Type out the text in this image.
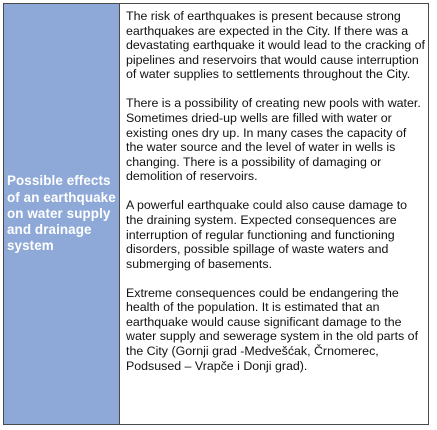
Possible effects of an earthquake on water supply and drainage system

The risk of earthquakes is present because strong earthquakes are expected in the City. If there was a devastating earthquake it would lead to the cracking of pipelines and reservoirs that would cause interruption of water supplies to settlements throughout the City.

There is a possibility of creating new pools with water. Sometimes dried-up wells are filled with water or existing ones dry up. In many cases the capacity of the water source and the level of water in wells is changing. There is a possibility of damaging or demolition of reservoirs.

A powerful earthquake could also cause damage to the draining system. Expected consequences are interruption of regular functioning and functioning disorders, possible spillage of waste waters and submerging of basements.

Extreme consequences could be endangering the health of the population. It is estimated that an earthquake would cause significant damage to the water supply and sewerage system in the old parts of the City (Gornji grad -Medvešćak, Črnomerec, Podsused – Vrapče i Donji grad).
